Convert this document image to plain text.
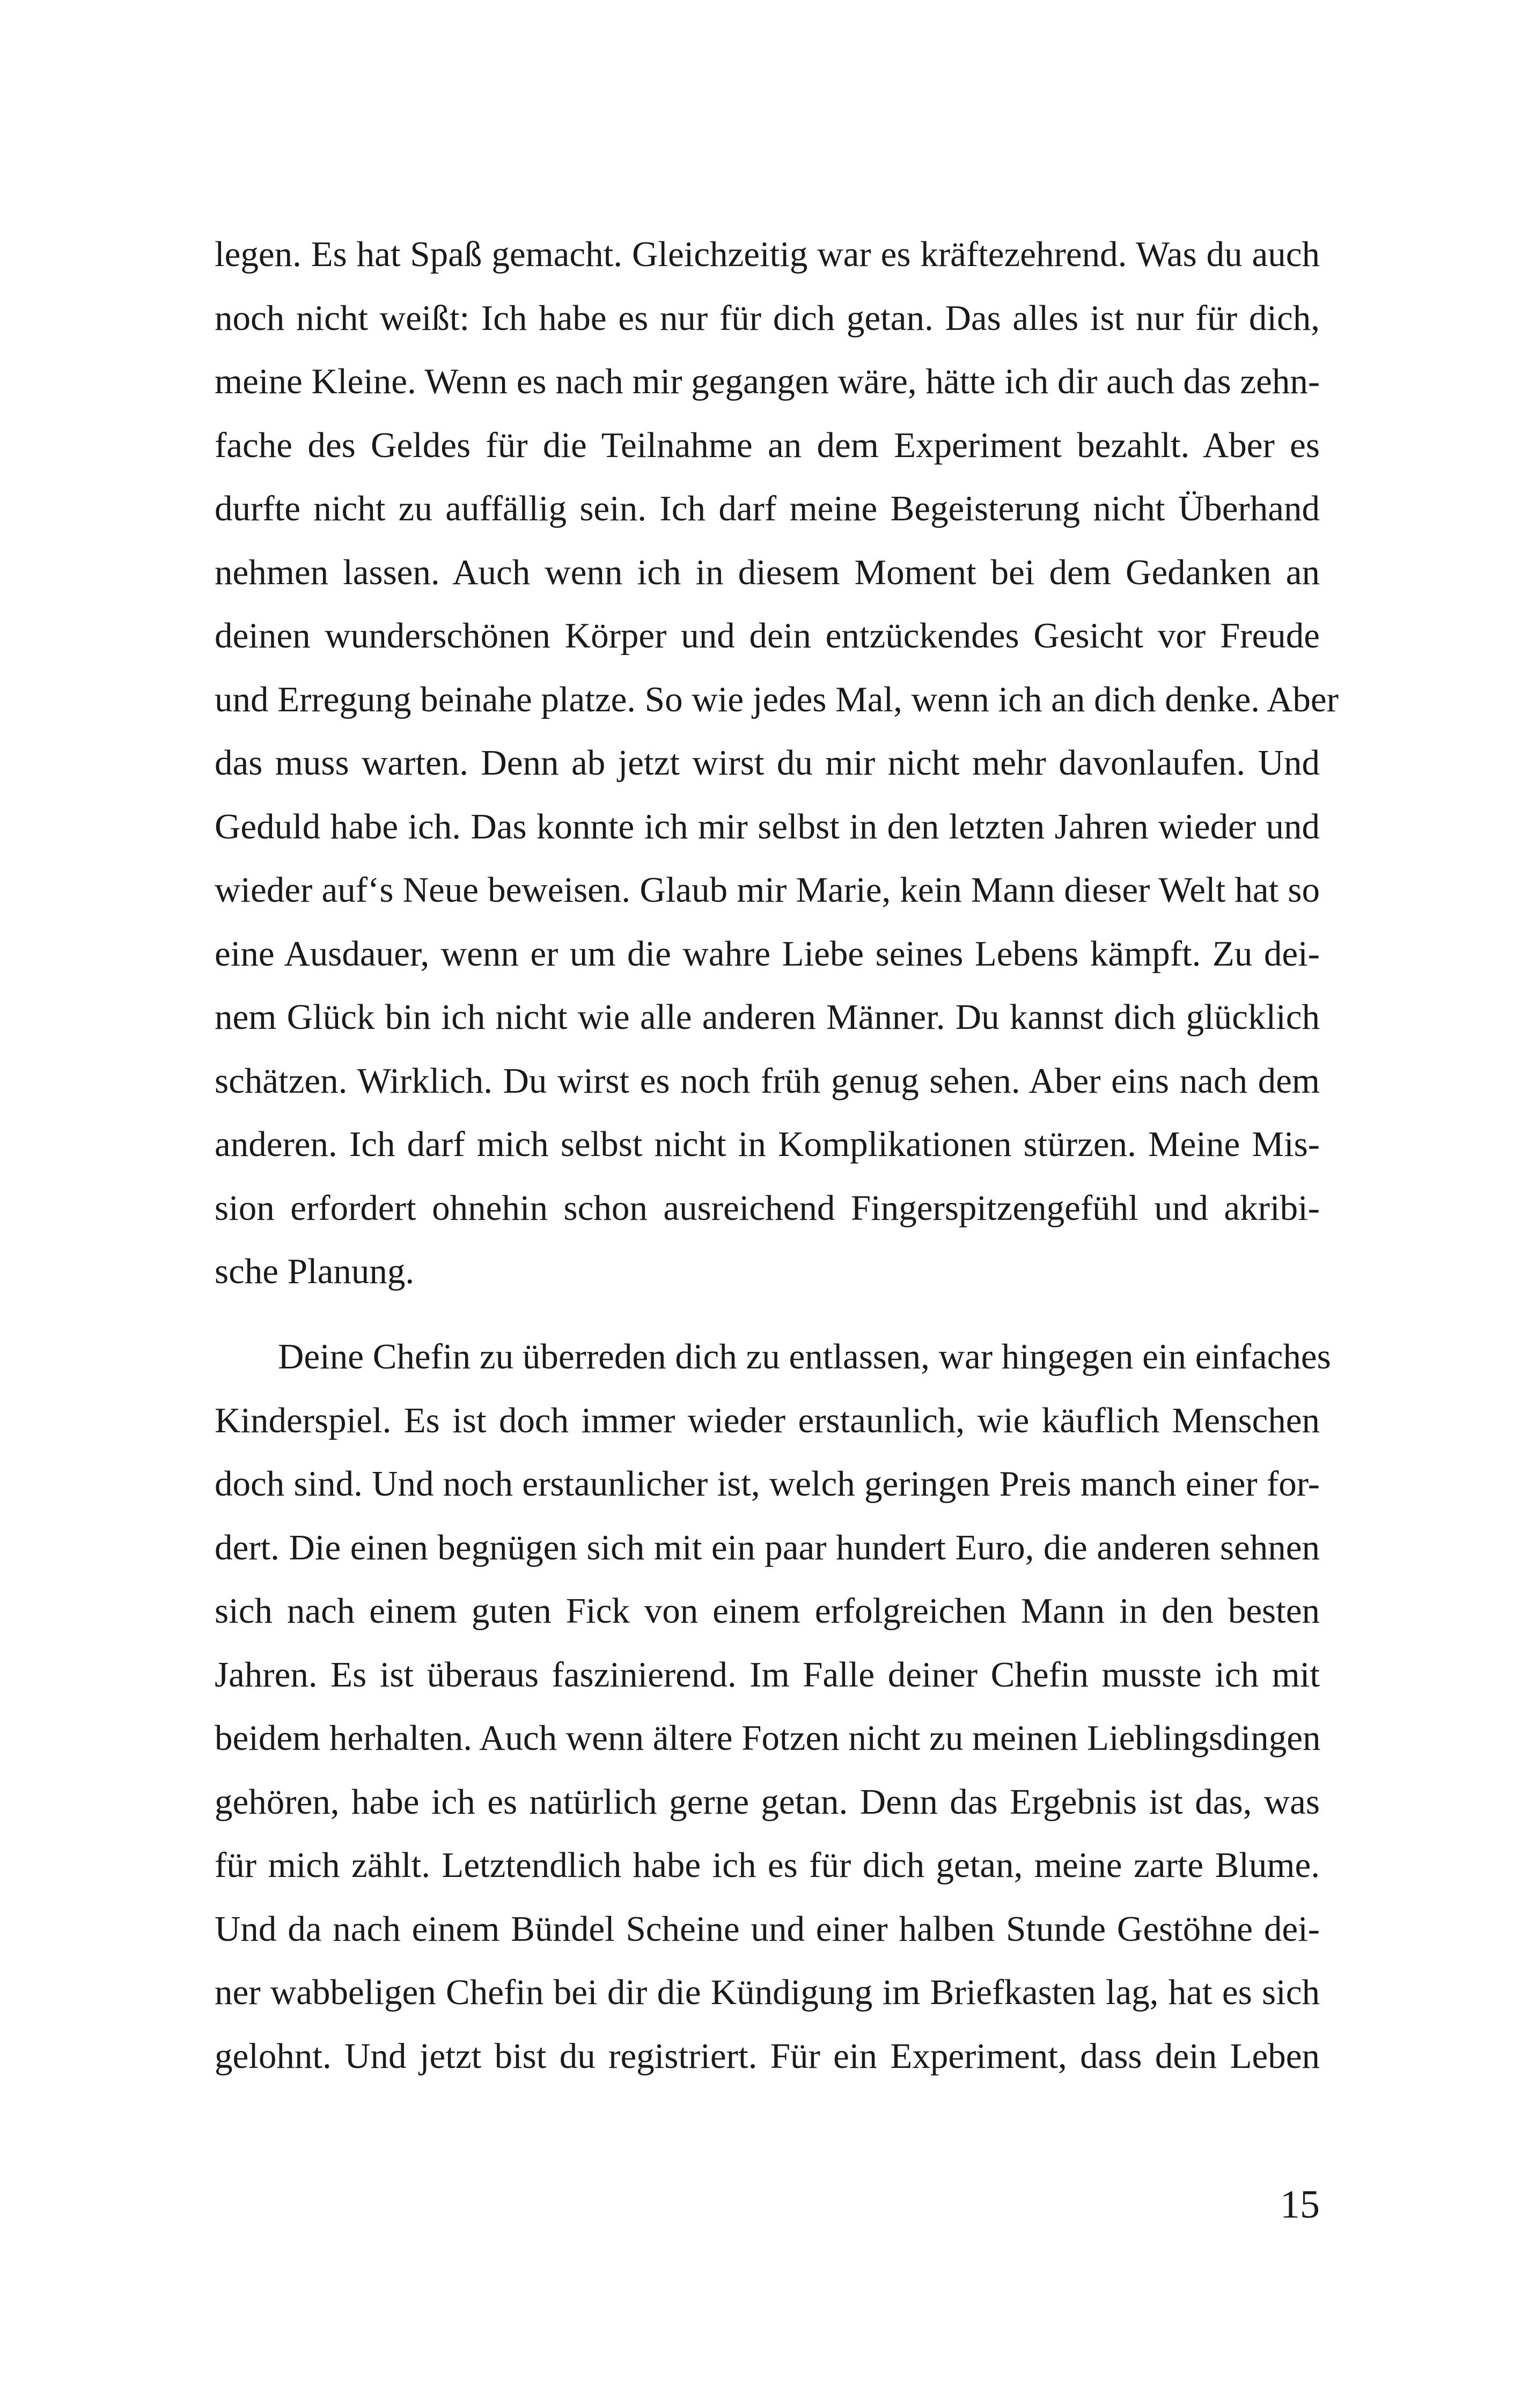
legen. Es hat Spaß gemacht. Gleichzeitig war es kräftezehrend. Was du auch
noch nicht weißt: Ich habe es nur für dich getan. Das alles ist nur für dich,
meine Kleine. Wenn es nach mir gegangen wäre, hätte ich dir auch das zehn-
fache des Geldes für die Teilnahme an dem Experiment bezahlt. Aber es
durfte nicht zu auffällig sein. Ich darf meine Begeisterung nicht Überhand
nehmen lassen. Auch wenn ich in diesem Moment bei dem Gedanken an
deinen wunderschönen Körper und dein entzückendes Gesicht vor Freude
und Erregung beinahe platze. So wie jedes Mal, wenn ich an dich denke. Aber
das muss warten. Denn ab jetzt wirst du mir nicht mehr davonlaufen. Und
Geduld habe ich. Das konnte ich mir selbst in den letzten Jahren wieder und
wieder auf‘s Neue beweisen. Glaub mir Marie, kein Mann dieser Welt hat so
eine Ausdauer, wenn er um die wahre Liebe seines Lebens kämpft. Zu dei-
nem Glück bin ich nicht wie alle anderen Männer. Du kannst dich glücklich
schätzen. Wirklich. Du wirst es noch früh genug sehen. Aber eins nach dem
anderen. Ich darf mich selbst nicht in Komplikationen stürzen. Meine Mis-
sion erfordert ohnehin schon ausreichend Fingerspitzengefühl und akribi-
sche Planung.
Deine Chefin zu überreden dich zu entlassen, war hingegen ein einfaches
Kinderspiel. Es ist doch immer wieder erstaunlich, wie käuflich Menschen
doch sind. Und noch erstaunlicher ist, welch geringen Preis manch einer for-
dert. Die einen begnügen sich mit ein paar hundert Euro, die anderen sehnen
sich nach einem guten Fick von einem erfolgreichen Mann in den besten
Jahren. Es ist überaus faszinierend. Im Falle deiner Chefin musste ich mit
beidem herhalten. Auch wenn ältere Fotzen nicht zu meinen Lieblingsdingen
gehören, habe ich es natürlich gerne getan. Denn das Ergebnis ist das, was
für mich zählt. Letztendlich habe ich es für dich getan, meine zarte Blume.
Und da nach einem Bündel Scheine und einer halben Stunde Gestöhne dei-
ner wabbeligen Chefin bei dir die Kündigung im Briefkasten lag, hat es sich
gelohnt. Und jetzt bist du registriert. Für ein Experiment, dass dein Leben
15
